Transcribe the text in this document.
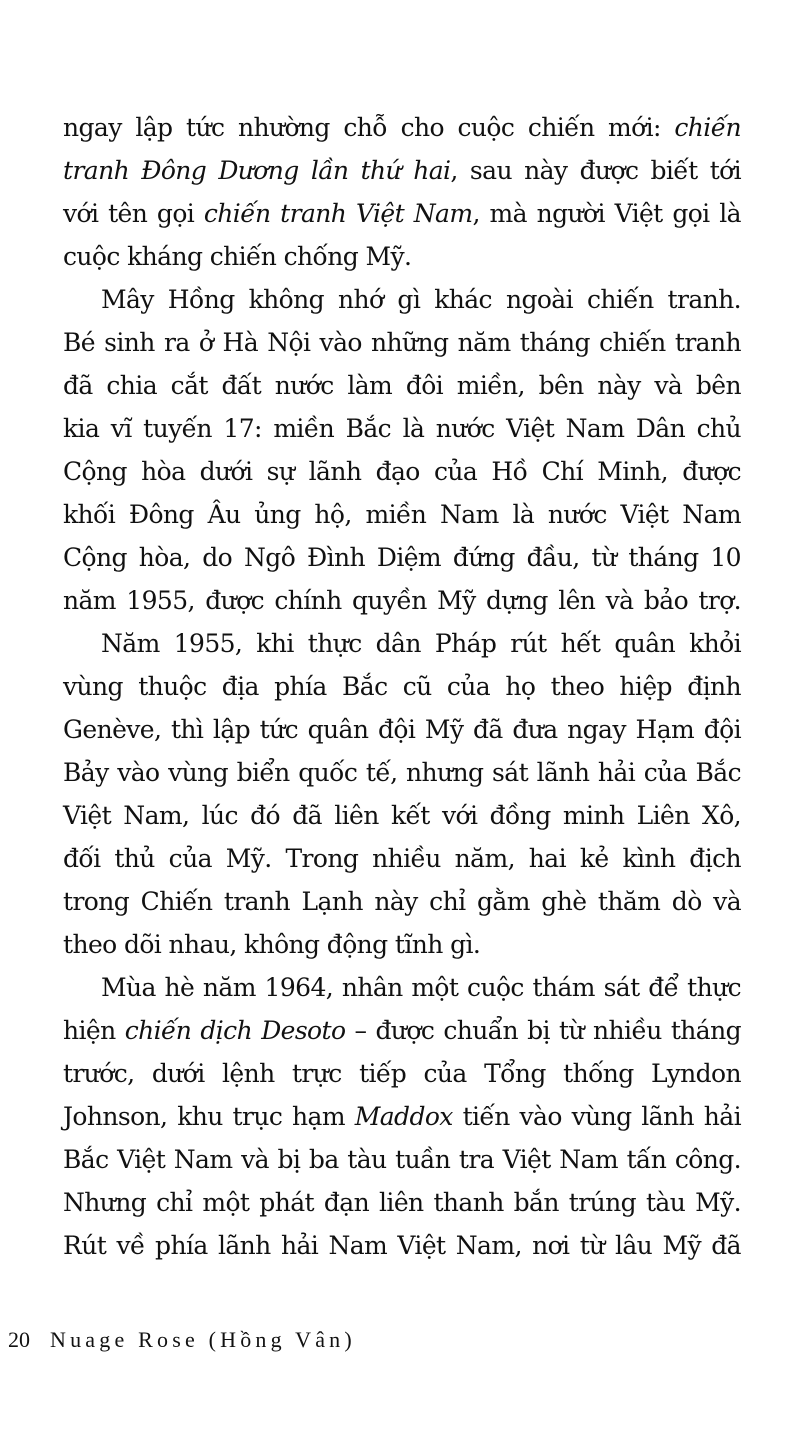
ngay lập tức nhường chỗ cho cuộc chiến mới: chiến
tranh Đông Dương lần thứ hai, sau này được biết tới
với tên gọi chiến tranh Việt Nam, mà người Việt gọi là
cuộc kháng chiến chống Mỹ.
Mây Hồng không nhớ gì khác ngoài chiến tranh.
Bé sinh ra ở Hà Nội vào những năm tháng chiến tranh
đã chia cắt đất nước làm đôi miền, bên này và bên
kia vĩ tuyến 17: miền Bắc là nước Việt Nam Dân chủ
Cộng hòa dưới sự lãnh đạo của Hồ Chí Minh, được
khối Đông Âu ủng hộ, miền Nam là nước Việt Nam
Cộng hòa, do Ngô Đình Diệm đứng đầu, từ tháng 10
năm 1955, được chính quyền Mỹ dựng lên và bảo trợ.
Năm 1955, khi thực dân Pháp rút hết quân khỏi
vùng thuộc địa phía Bắc cũ của họ theo hiệp định
Genève, thì lập tức quân đội Mỹ đã đưa ngay Hạm đội
Bảy vào vùng biển quốc tế, nhưng sát lãnh hải của Bắc
Việt Nam, lúc đó đã liên kết với đồng minh Liên Xô,
đối thủ của Mỹ. Trong nhiều năm, hai kẻ kình địch
trong Chiến tranh Lạnh này chỉ gằm ghè thăm dò và
theo dõi nhau, không động tĩnh gì.
Mùa hè năm 1964, nhân một cuộc thám sát để thực
hiện chiến dịch Desoto – được chuẩn bị từ nhiều tháng
trước, dưới lệnh trực tiếp của Tổng thống Lyndon
Johnson, khu trục hạm Maddox tiến vào vùng lãnh hải
Bắc Việt Nam và bị ba tàu tuần tra Việt Nam tấn công.
Nhưng chỉ một phát đạn liên thanh bắn trúng tàu Mỹ.
Rút về phía lãnh hải Nam Việt Nam, nơi từ lâu Mỹ đã
20 Nuage Rose (Hồng Vân)
